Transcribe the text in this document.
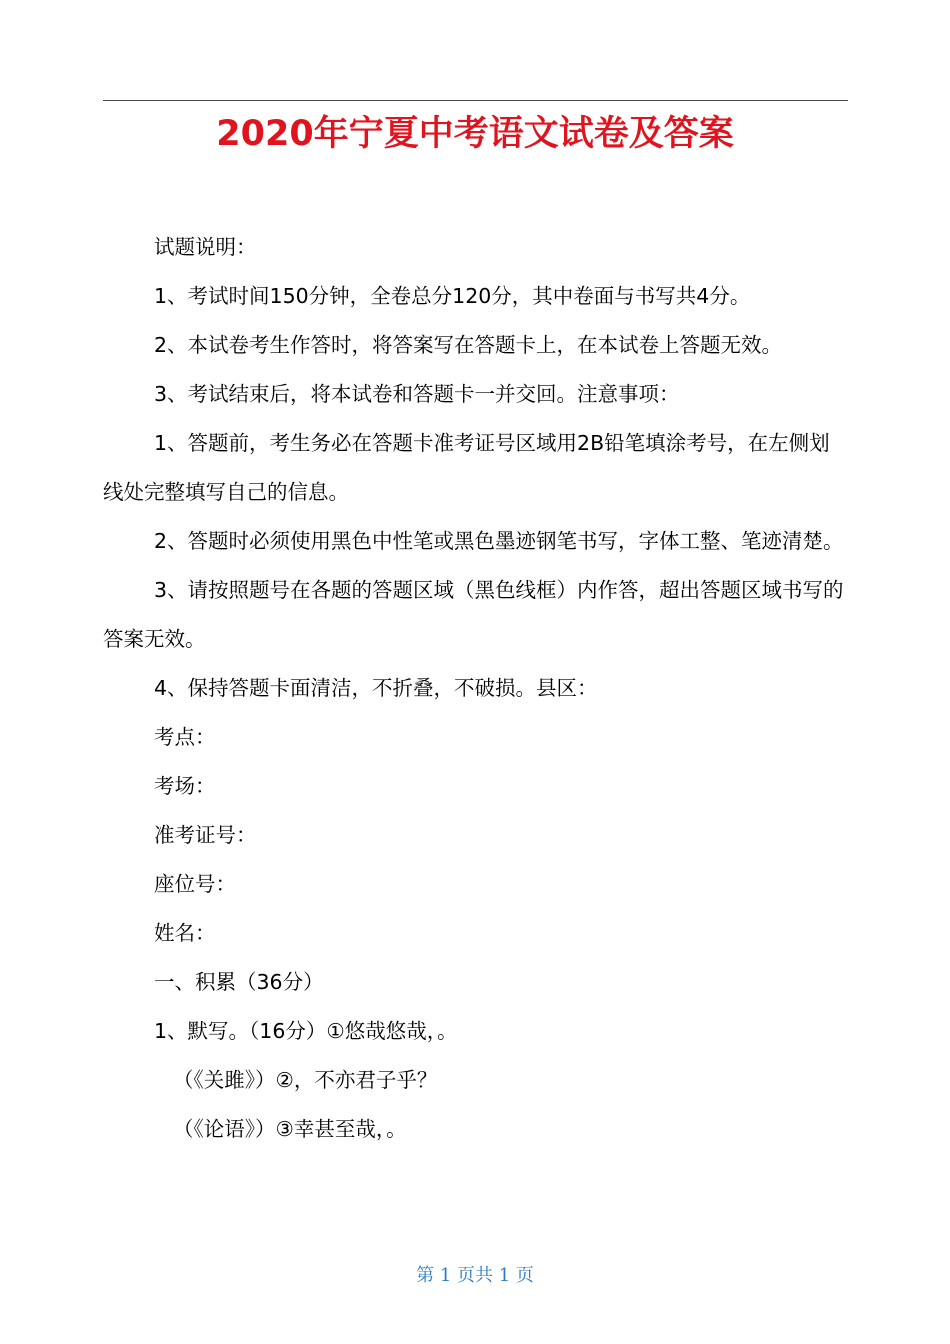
2020年宁夏中考语文试卷及答案

试题说明：

1、考试时间150分钟，全卷总分120分，其中卷面与书写共4分。

2、本试卷考生作答时，将答案写在答题卡上，在本试卷上答题无效。

3、考试结束后，将本试卷和答题卡一并交回。注意事项：

1、答题前，考生务必在答题卡准考证号区域用2B铅笔填涂考号，在左侧划线处完整填写自己的信息。

2、答题时必须使用黑色中性笔或黑色墨迹钢笔书写，字体工整、笔迹清楚。

3、请按照题号在各题的答题区域（黑色线框）内作答，超出答题区域书写的答案无效。

4、保持答题卡面清洁，不折叠，不破损。县区：

考点：

考场：

准考证号：

座位号：

姓名：

一、积累（36分）

1、默写。（16分）①悠哉悠哉，。

（《关雎》）②，不亦君子乎？

（《论语》）③幸甚至哉，。

第 1 页共 1 页
